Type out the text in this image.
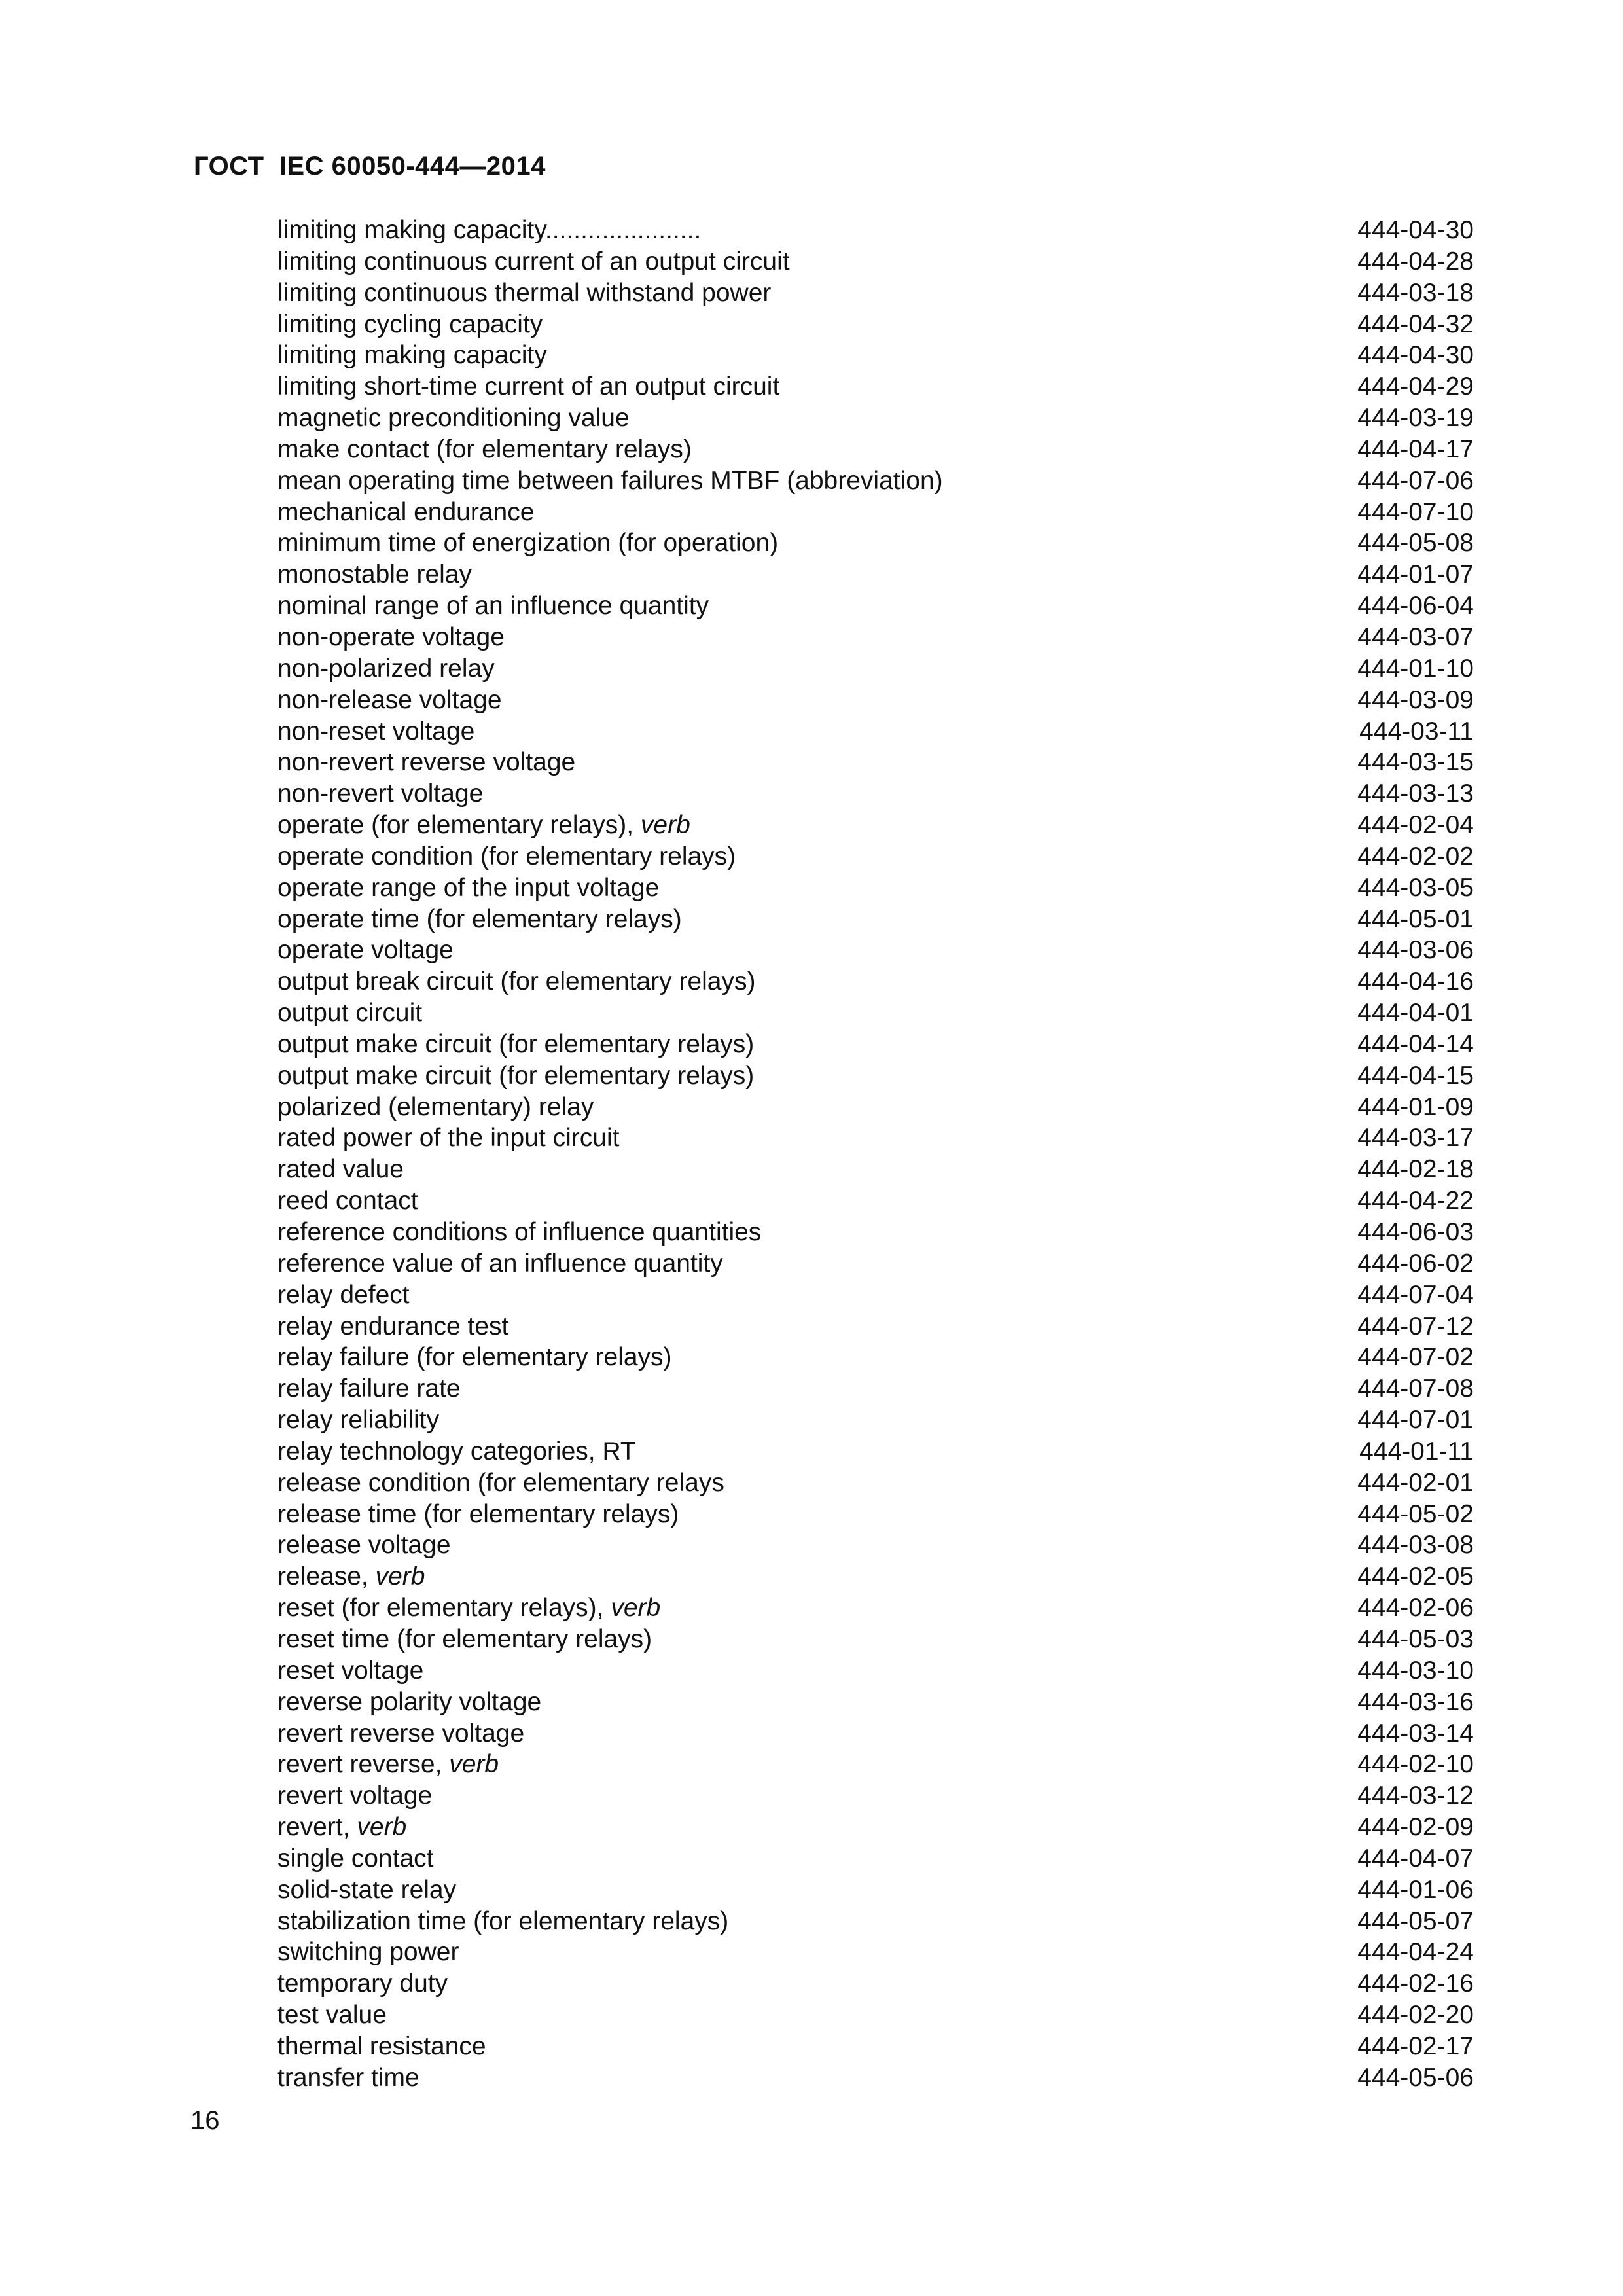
ГОСТ  IEC 60050-444—2014
limiting making capacity......................	444-04-30
limiting continuous current of an output circuit	444-04-28
limiting continuous thermal withstand power	444-03-18
limiting cycling capacity	444-04-32
limiting making capacity	444-04-30
limiting short-time current of an output circuit	444-04-29
magnetic preconditioning value	444-03-19
make contact (for elementary relays)	444-04-17
mean operating time between failures MTBF (abbreviation)	444-07-06
mechanical endurance	444-07-10
minimum time of energization (for operation)	444-05-08
monostable relay	444-01-07
nominal range of an influence quantity	444-06-04
non-operate voltage	444-03-07
non-polarized relay	444-01-10
non-release voltage	444-03-09
non-reset voltage	444-03-11
non-revert reverse voltage	444-03-15
non-revert voltage	444-03-13
operate (for elementary relays), verb	444-02-04
operate condition (for elementary relays)	444-02-02
operate range of the input voltage	444-03-05
operate time (for elementary relays)	444-05-01
operate voltage	444-03-06
output break circuit (for elementary relays)	444-04-16
output circuit	444-04-01
output make circuit (for elementary relays)	444-04-14
output make circuit (for elementary relays)	444-04-15
polarized (elementary) relay	444-01-09
rated power of the input circuit	444-03-17
rated value	444-02-18
reed contact	444-04-22
reference conditions of influence quantities	444-06-03
reference value of an influence quantity	444-06-02
relay defect	444-07-04
relay endurance test	444-07-12
relay failure (for elementary relays)	444-07-02
relay failure rate	444-07-08
relay reliability	444-07-01
relay technology categories, RT	444-01-11
release condition (for elementary relays	444-02-01
release time (for elementary relays)	444-05-02
release voltage	444-03-08
release, verb	444-02-05
reset (for elementary relays), verb	444-02-06
reset time (for elementary relays)	444-05-03
reset voltage	444-03-10
reverse polarity voltage	444-03-16
revert reverse voltage	444-03-14
revert reverse, verb	444-02-10
revert voltage	444-03-12
revert, verb	444-02-09
single contact	444-04-07
solid-state relay	444-01-06
stabilization time (for elementary relays)	444-05-07
switching power	444-04-24
temporary duty	444-02-16
test value	444-02-20
thermal resistance	444-02-17
transfer time	444-05-06
16
